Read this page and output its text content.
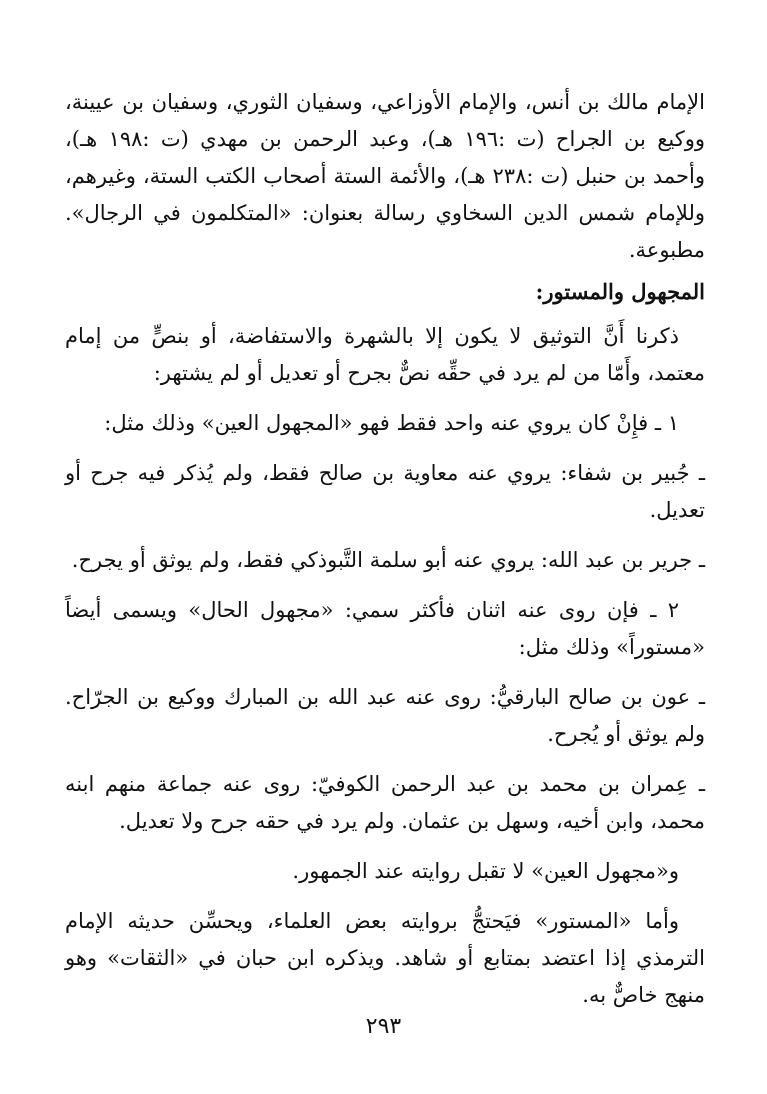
الإمام مالك بن أنس، والإمام الأوزاعي، وسفيان الثوري، وسفيان بن عيينة، ووكيع بن الجراح (ت :١٩٦ هـ)، وعبد الرحمن بن مهدي (ت :١٩٨ هـ)، وأحمد بن حنبل (ت :٢٣٨ هـ)، والأئمة الستة أصحاب الكتب الستة، وغيرهم، وللإمام شمس الدين السخاوي رسالة بعنوان: «المتكلمون في الرجال». مطبوعة.

المجهول والمستور:

ذكرنا أَنَّ التوثيق لا يكون إلا بالشهرة والاستفاضة، أو بنصٍّ من إمام معتمد، وأَمّا من لم يرد في حقِّه نصٌّ بجرح أو تعديل أو لم يشتهر:

١ ـ فإِنْ كان يروي عنه واحد فقط فهو «المجهول العين» وذلك مثل:

ـ جُبير بن شفاء: يروي عنه معاوية بن صالح فقط، ولم يُذكر فيه جرح أو تعديل.

ـ جرير بن عبد الله: يروي عنه أبو سلمة التَّبوذكي فقط، ولم يوثق أو يجرح.

٢ ـ فإن روى عنه اثنان فأكثر سمي: «مجهول الحال» ويسمى أيضاً «مستوراً» وذلك مثل:

ـ عون بن صالح البارقيُّ: روى عنه عبد الله بن المبارك ووكيع بن الجرّاح. ولم يوثق أو يُجرح.

ـ عِمران بن محمد بن عبد الرحمن الكوفيّ: روى عنه جماعة منهم ابنه محمد، وابن أخيه، وسهل بن عثمان. ولم يرد في حقه جرح ولا تعديل.

و«مجهول العين» لا تقبل روايته عند الجمهور.

وأما «المستور» فيَحتجُّ بروايته بعض العلماء، ويحسِّن حديثه الإمام الترمذي إذا اعتضد بمتابع أو شاهد. ويذكره ابن حبان في «الثقات» وهو منهج خاصٌّ به.

٢٩٣
